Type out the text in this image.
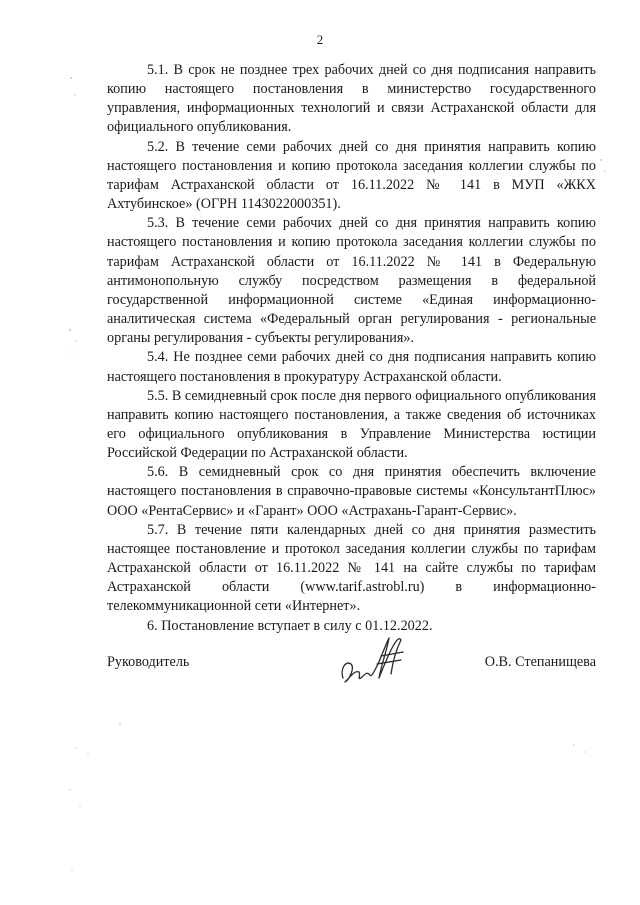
2

5.1. В срок не позднее трех рабочих дней со дня подписания направить копию настоящего постановления в министерство государственного управления, информационных технологий и связи Астраханской области для официального опубликования.

5.2. В течение семи рабочих дней со дня принятия направить копию настоящего постановления и копию протокола заседания коллегии службы по тарифам Астраханской области от 16.11.2022 № 141 в МУП «ЖКХ Ахтубинское» (ОГРН 1143022000351).

5.3. В течение семи рабочих дней со дня принятия направить копию настоящего постановления и копию протокола заседания коллегии службы по тарифам Астраханской области от 16.11.2022 № 141 в Федеральную антимонопольную службу посредством размещения в федеральной государственной информационной системе «Единая информационно-аналитическая система «Федеральный орган регулирования - региональные органы регулирования - субъекты регулирования».

5.4. Не позднее семи рабочих дней со дня подписания направить копию настоящего постановления в прокуратуру Астраханской области.

5.5. В семидневный срок после дня первого официального опубликования направить копию настоящего постановления, а также сведения об источниках его официального опубликования в Управление Министерства юстиции Российской Федерации по Астраханской области.

5.6. В семидневный срок со дня принятия обеспечить включение настоящего постановления в справочно-правовые системы «КонсультантПлюс» ООО «РентаСервис» и «Гарант» ООО «Астрахань-Гарант-Сервис».

5.7. В течение пяти календарных дней со дня принятия разместить настоящее постановление и протокол заседания коллегии службы по тарифам Астраханской области от 16.11.2022 № 141 на сайте службы по тарифам Астраханской области (www.tarif.astrobl.ru) в информационно-телекоммуникационной сети «Интернет».

6. Постановление вступает в силу с 01.12.2022.

Руководитель	О.В. Степанищева
